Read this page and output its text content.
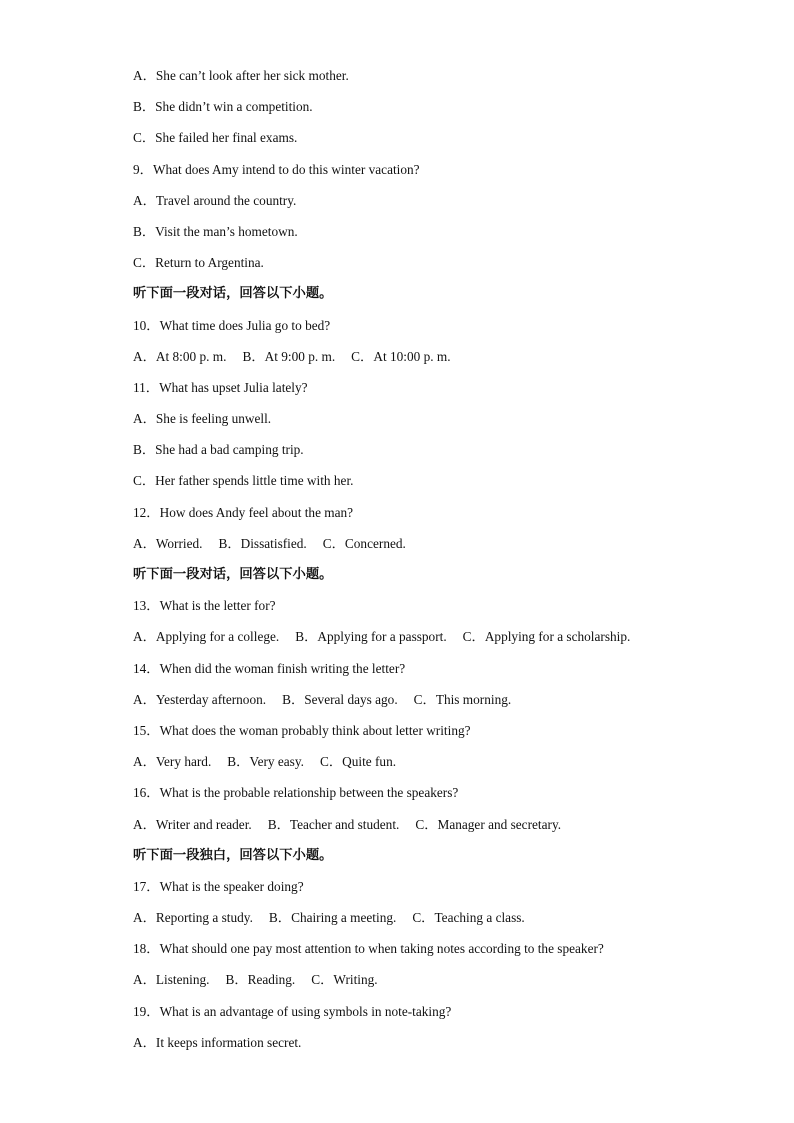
A．She can’t look after her sick mother.
B．She didn’t win a competition.
C．She failed her final exams.
9．What does Amy intend to do this winter vacation?
A．Travel around the country.
B．Visit the man’s hometown.
C．Return to Argentina.
听下面一段对话，回答以下小题。
10．What time does Julia go to bed?
A．At 8:00 p. m. B．At 9:00 p. m. C．At 10:00 p. m.
11．What has upset Julia lately?
A．She is feeling unwell.
B．She had a bad camping trip.
C．Her father spends little time with her.
12．How does Andy feel about the man?
A．Worried. B．Dissatisfied. C．Concerned.
听下面一段对话，回答以下小题。
13．What is the letter for?
A．Applying for a college. B．Applying for a passport. C．Applying for a scholarship.
14．When did the woman finish writing the letter?
A．Yesterday afternoon. B．Several days ago. C．This morning.
15．What does the woman probably think about letter writing?
A．Very hard. B．Very easy. C．Quite fun.
16．What is the probable relationship between the speakers?
A．Writer and reader. B．Teacher and student. C．Manager and secretary.
听下面一段独白，回答以下小题。
17．What is the speaker doing?
A．Reporting a study. B．Chairing a meeting. C．Teaching a class.
18．What should one pay most attention to when taking notes according to the speaker?
A．Listening. B．Reading. C．Writing.
19．What is an advantage of using symbols in note-taking?
A．It keeps information secret.
